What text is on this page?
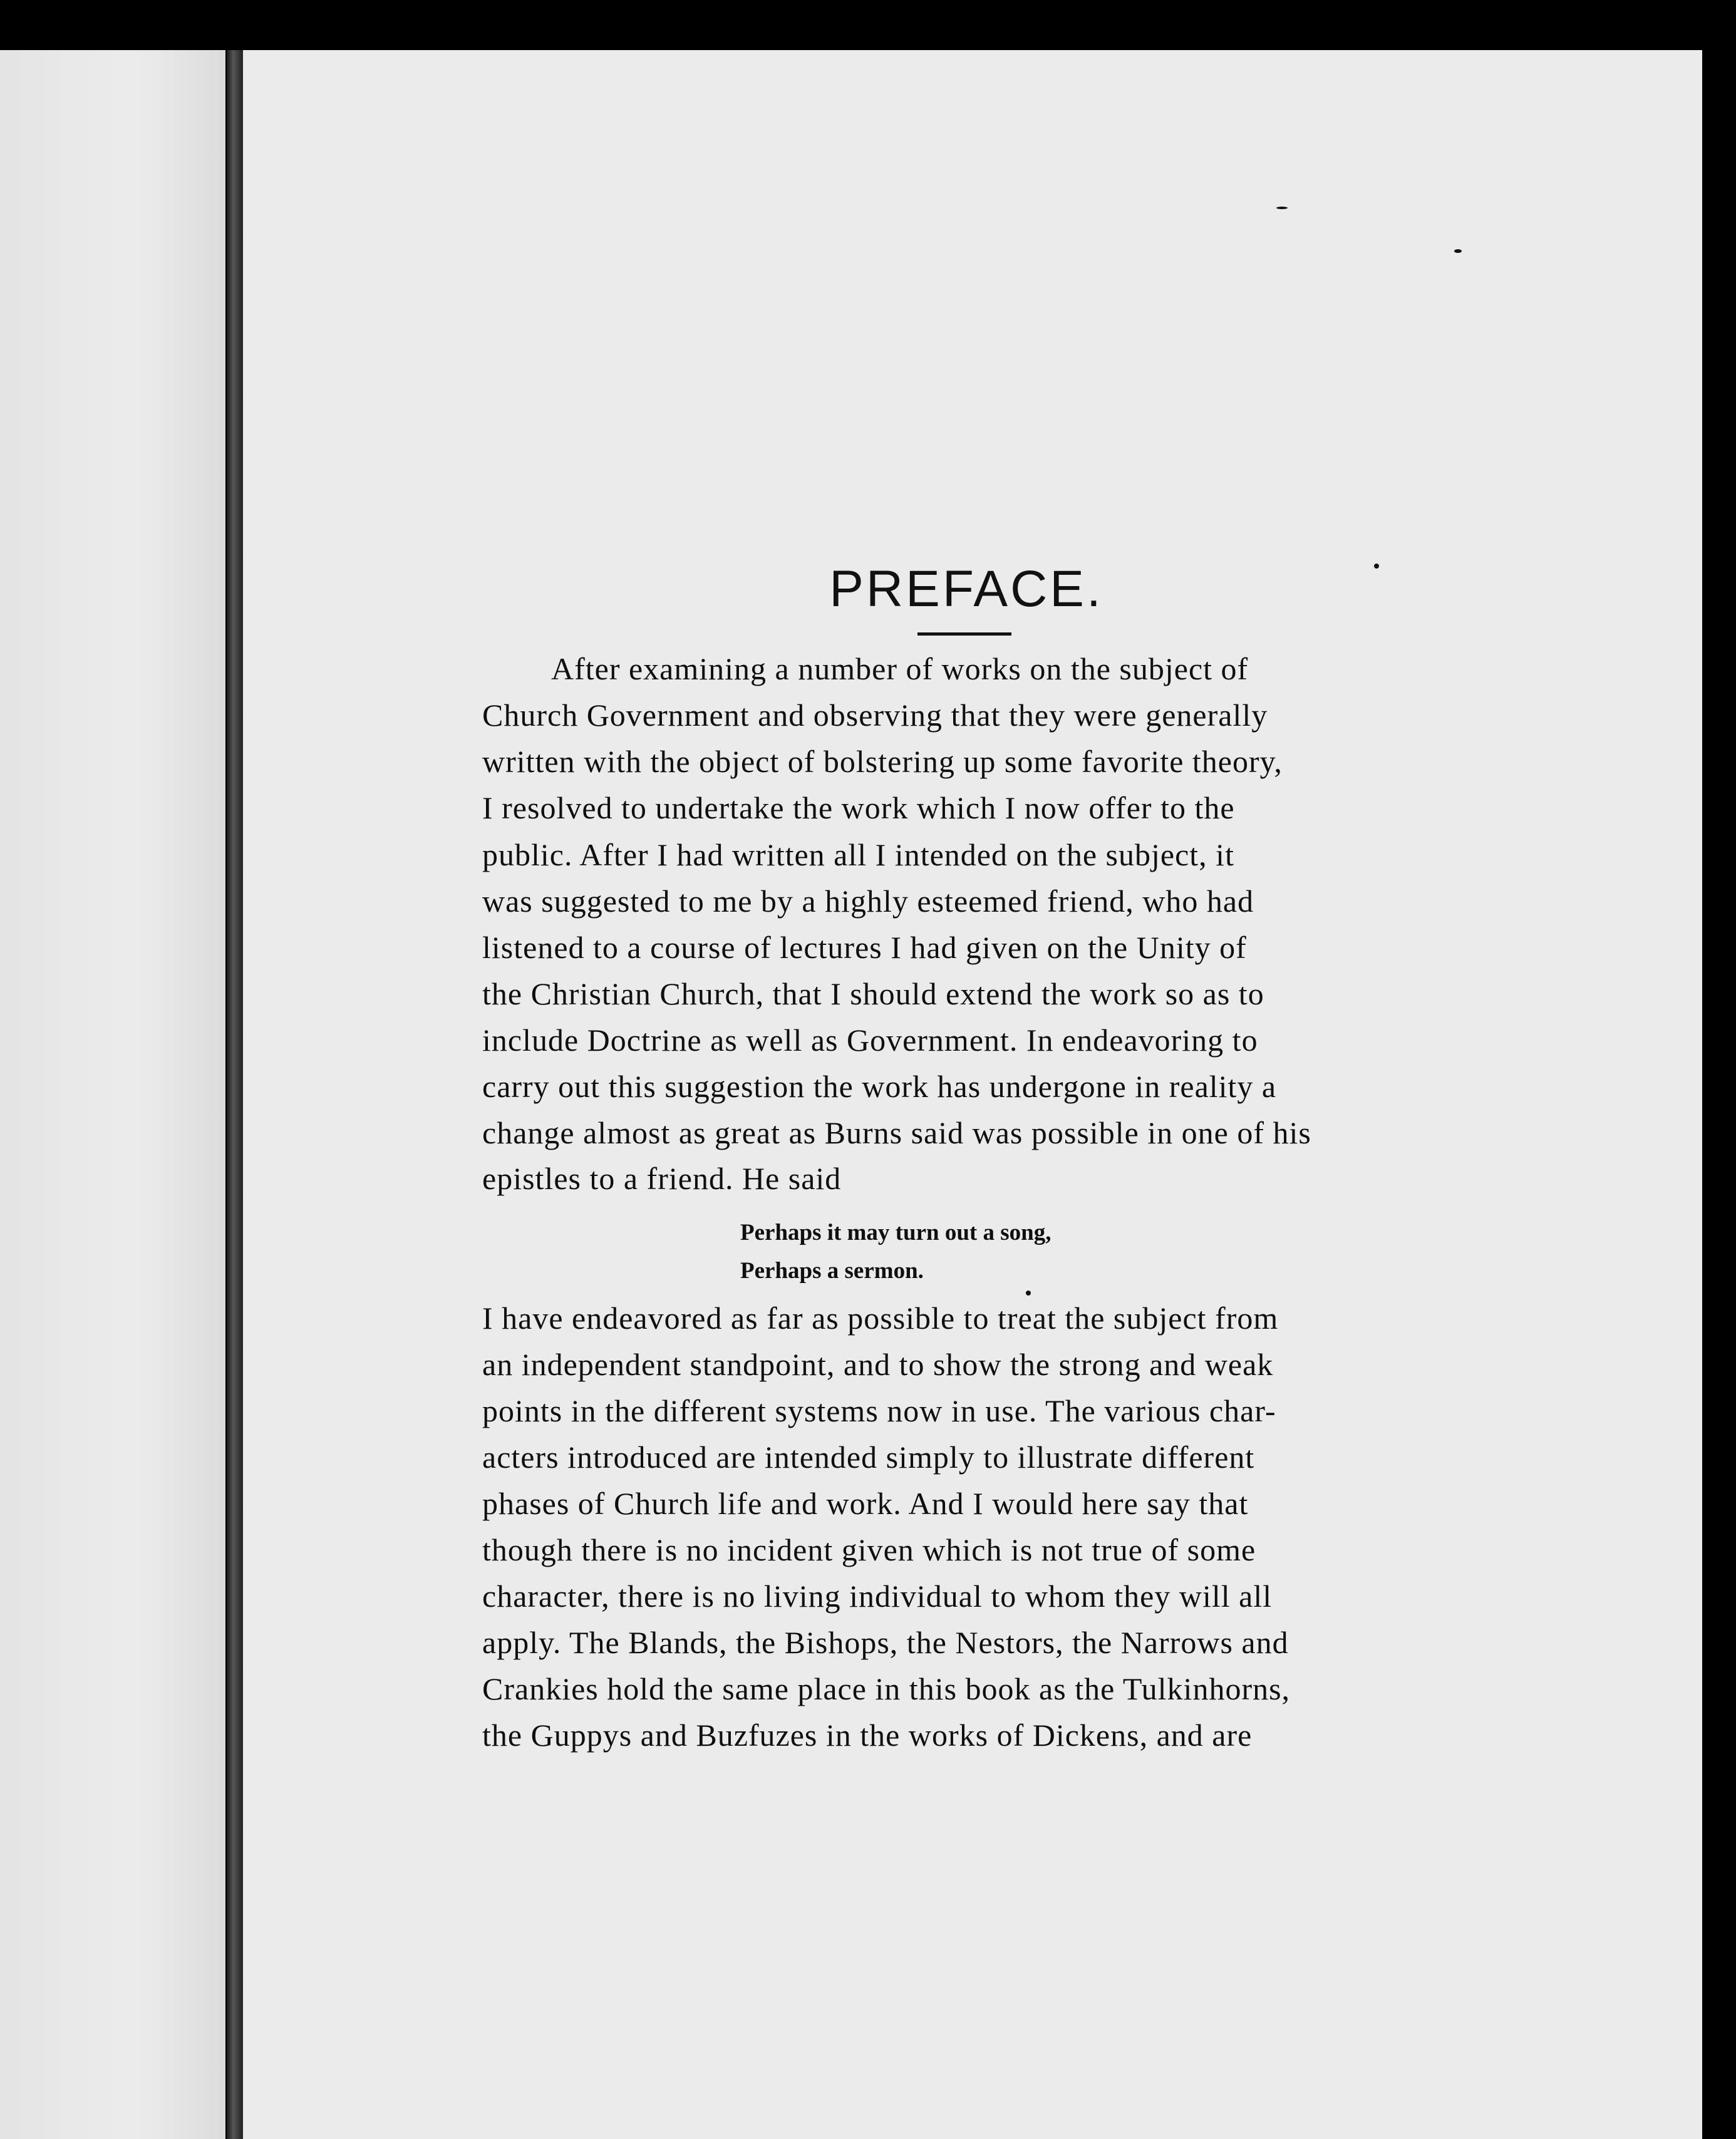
PREFACE.
After examining a number of works on the subject of
Church Government and observing that they were generally
written with the object of bolstering up some favorite theory,
I resolved to undertake the work which I now offer to the
public. After I had written all I intended on the subject, it
was suggested to me by a highly esteemed friend, who had
listened to a course of lectures I had given on the Unity of
the Christian Church, that I should extend the work so as to
include Doctrine as well as Government. In endeavoring to
carry out this suggestion the work has undergone in reality a
change almost as great as Burns said was possible in one of his
epistles to a friend. He said
Perhaps it may turn out a song,
Perhaps a sermon.
I have endeavored as far as possible to treat the subject from
an independent standpoint, and to show the strong and weak
points in the different systems now in use. The various char-
acters introduced are intended simply to illustrate different
phases of Church life and work. And I would here say that
though there is no incident given which is not true of some
character, there is no living individual to whom they will all
apply. The Blands, the Bishops, the Nestors, the Narrows and
Crankies hold the same place in this book as the Tulkinhorns,
the Guppys and Buzfuzes in the works of Dickens, and are
